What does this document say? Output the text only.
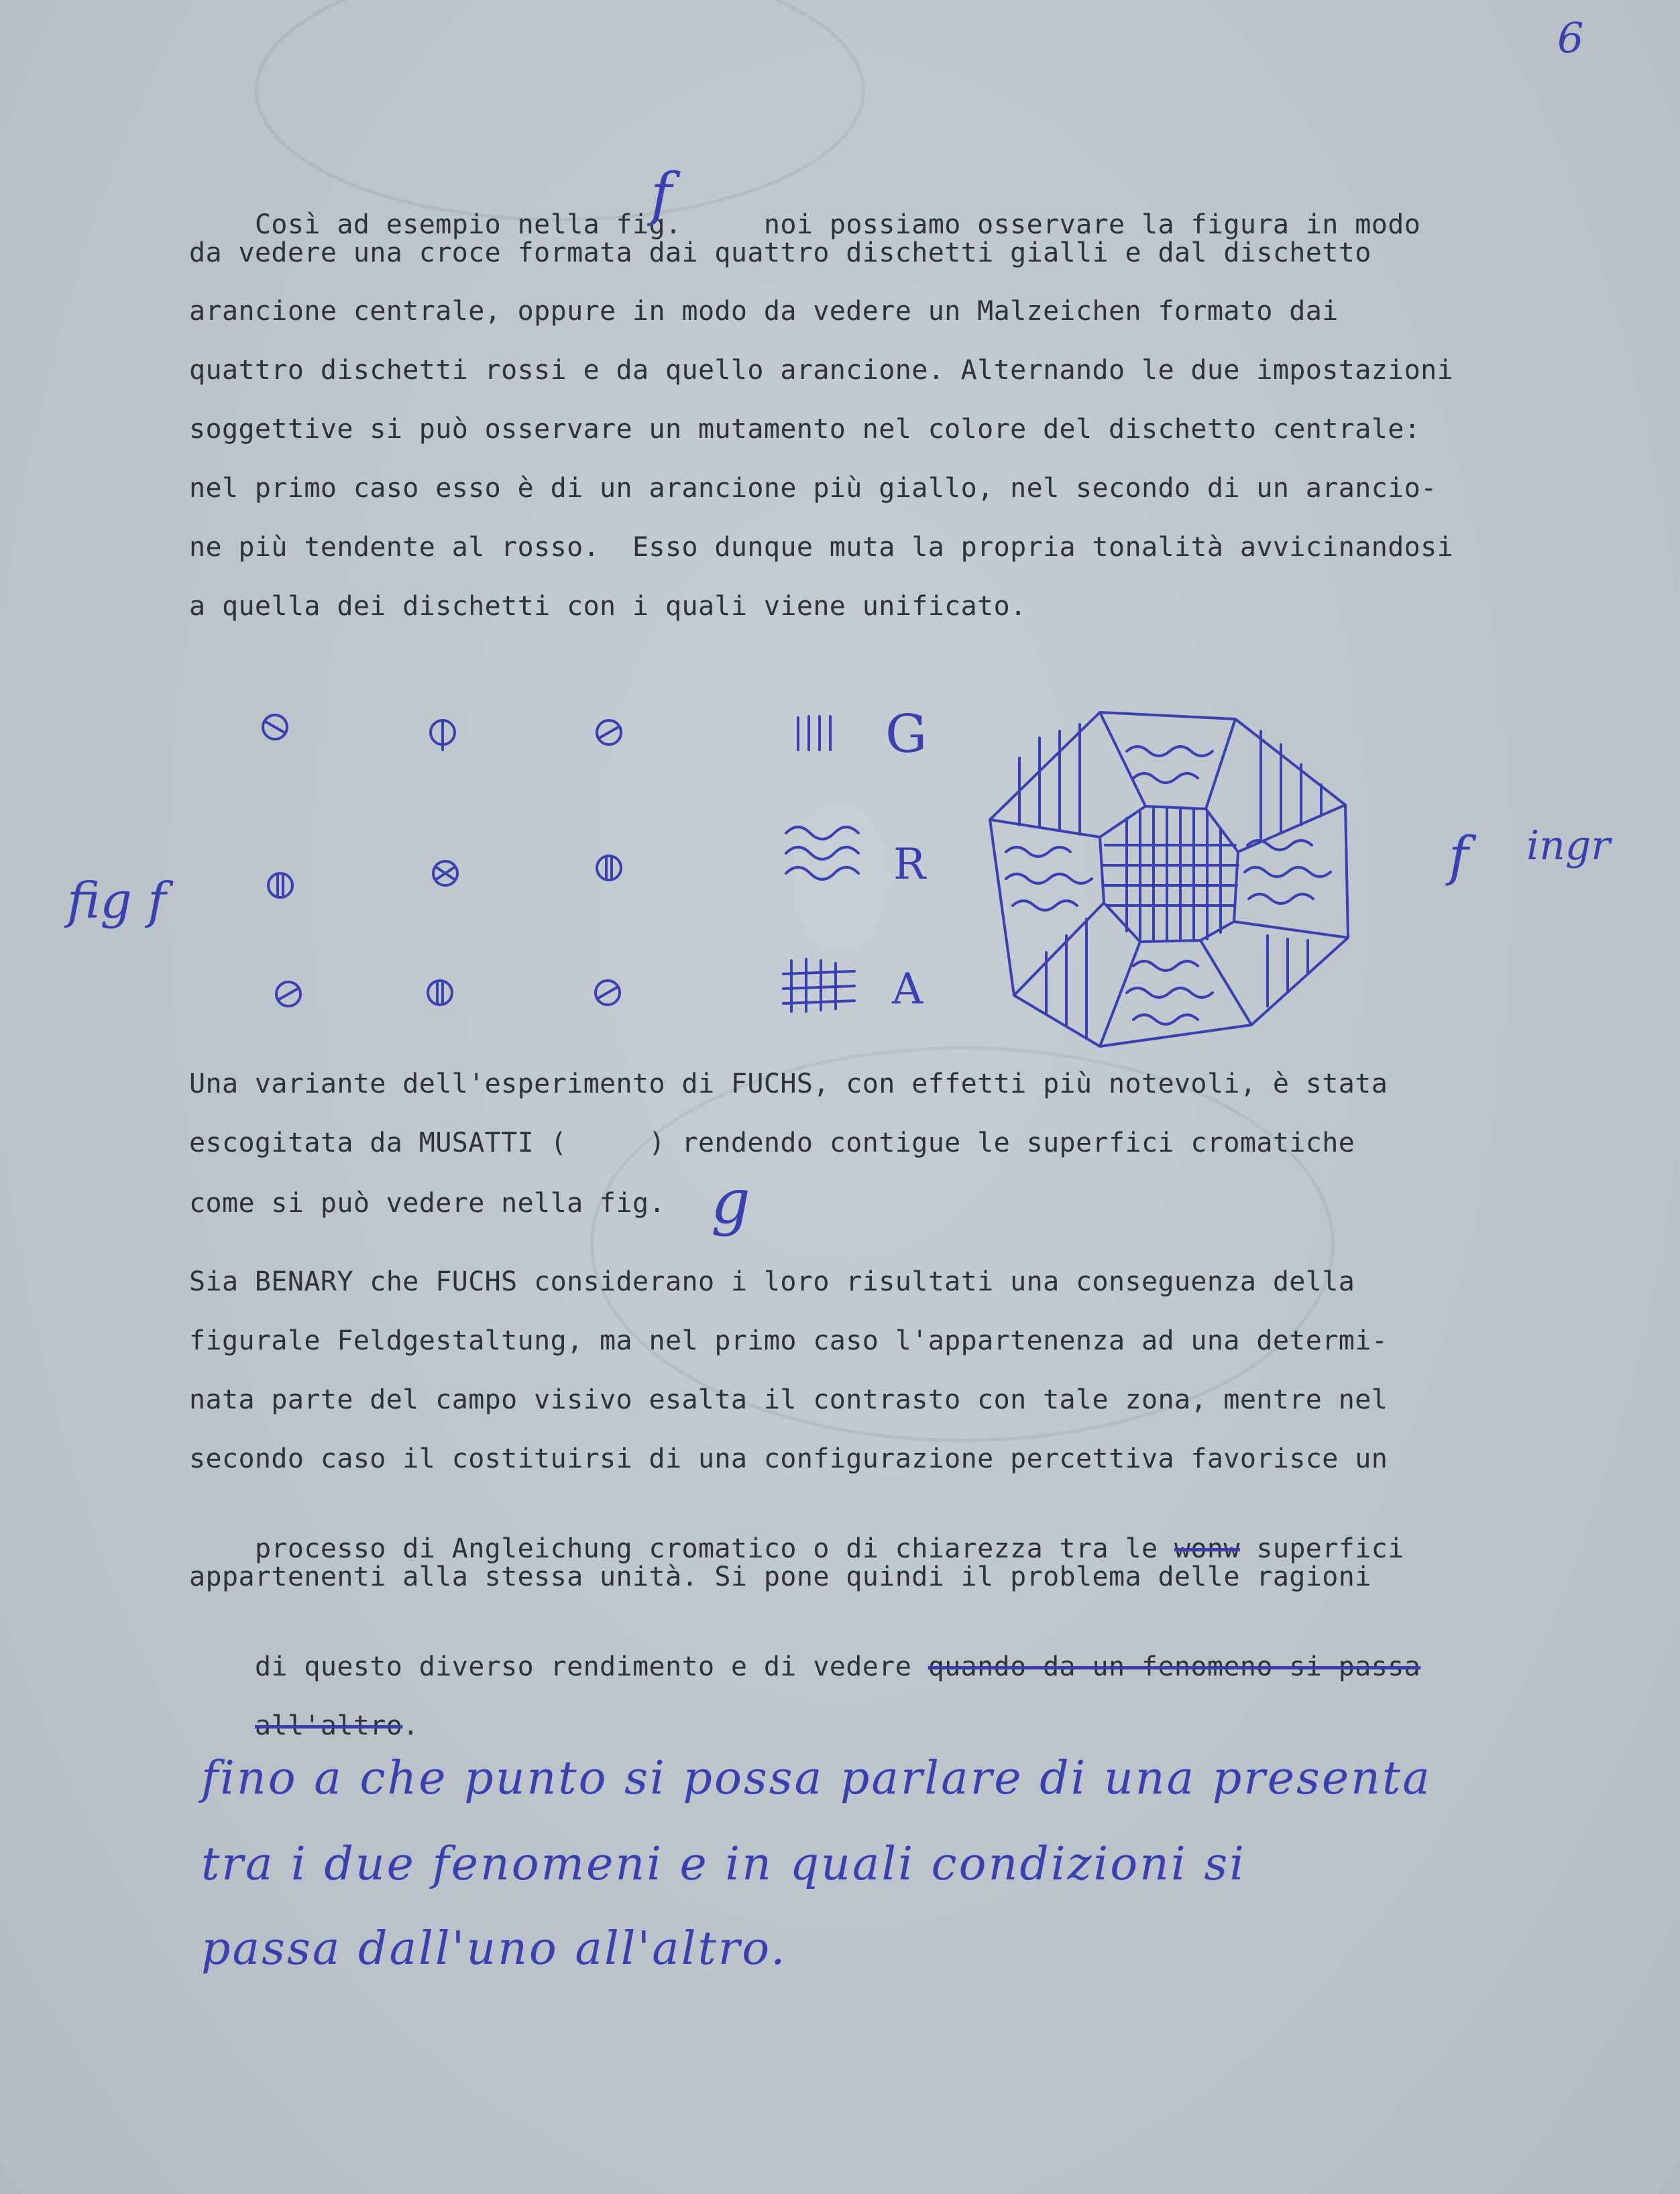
6

Così ad esempio nella fig.	noi possiamo osservare la figura in modo

f
da vedere una croce formata dai quattro dischetti gialli e dal dischetto
arancione centrale, oppure in modo da vedere un Malzeichen formato dai
quattro dischetti rossi e da quello arancione. Alternando le due impostazioni
soggettive si può osservare un mutamento nel colore del dischetto centrale:
nel primo caso esso è di un arancione più giallo, nel secondo di un arancio-
ne più tendente al rosso.  Esso dunque muta la propria tonalità avvicinandosi
a quella dei dischetti con i quali viene unificato.
G
R
A
fig f
f ingr
Una variante dell'esperimento di FUCHS, con effetti più notevoli, è stata
escogitata da MUSATTI (     ) rendendo contigue le superfici cromatiche
come si può vedere nella fig. g
Sia BENARY che FUCHS considerano i loro risultati una conseguenza della
figurale Feldgestaltung, ma nel primo caso l'appartenenza ad una determi-
nata parte del campo visivo esalta il contrasto con tale zona, mentre nel
secondo caso il costituirsi di una configurazione percettiva favorisce un

processo di Angleichung cromatico o di chiarezza tra le wonw superfici

appartenenti alla stessa unità. Si pone quindi il problema delle ragioni

di questo diverso rendimento e di vedere quando da un fenomeno si passa

all'altro.

fino a che punto si possa parlare di una presenta
tra i due fenomeni e in quali condizioni si
passa dall'uno all'altro.
